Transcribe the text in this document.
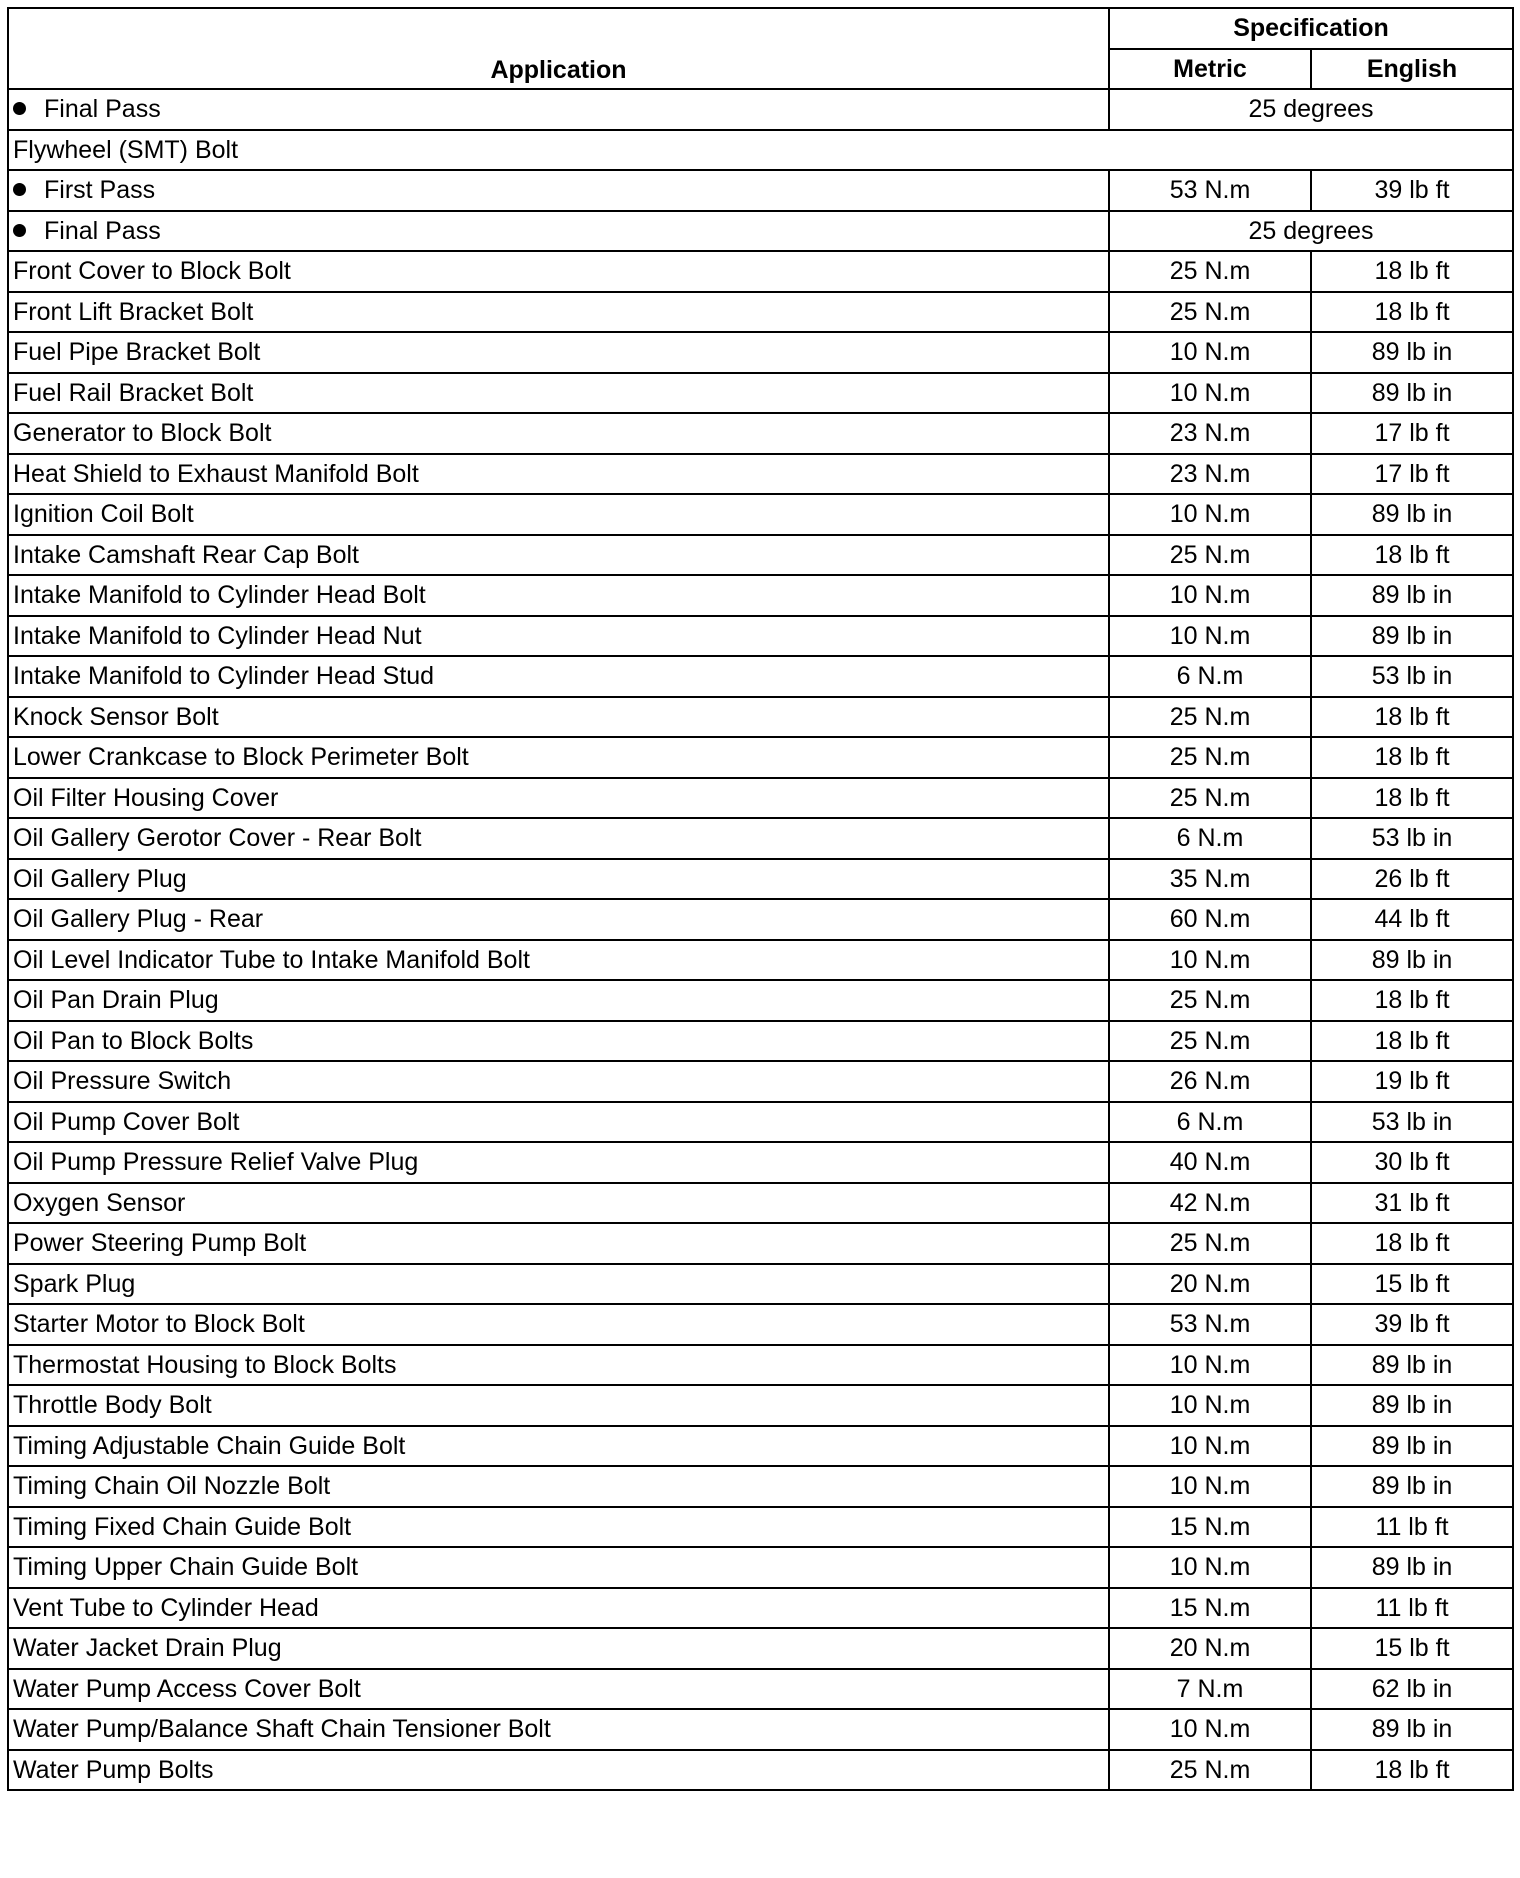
Application	Specification	
	Metric	English
Final Pass	25 degrees	
Flywheel (SMT) Bolt		
First Pass	53 N.m	39 lb ft
Final Pass	25 degrees	
Front Cover to Block Bolt	25 N.m	18 lb ft
Front Lift Bracket Bolt	25 N.m	18 lb ft
Fuel Pipe Bracket Bolt	10 N.m	89 lb in
Fuel Rail Bracket Bolt	10 N.m	89 lb in
Generator to Block Bolt	23 N.m	17 lb ft
Heat Shield to Exhaust Manifold Bolt	23 N.m	17 lb ft
Ignition Coil Bolt	10 N.m	89 lb in
Intake Camshaft Rear Cap Bolt	25 N.m	18 lb ft
Intake Manifold to Cylinder Head Bolt	10 N.m	89 lb in
Intake Manifold to Cylinder Head Nut	10 N.m	89 lb in
Intake Manifold to Cylinder Head Stud	6 N.m	53 lb in
Knock Sensor Bolt	25 N.m	18 lb ft
Lower Crankcase to Block Perimeter Bolt	25 N.m	18 lb ft
Oil Filter Housing Cover	25 N.m	18 lb ft
Oil Gallery Gerotor Cover - Rear Bolt	6 N.m	53 lb in
Oil Gallery Plug	35 N.m	26 lb ft
Oil Gallery Plug - Rear	60 N.m	44 lb ft
Oil Level Indicator Tube to Intake Manifold Bolt	10 N.m	89 lb in
Oil Pan Drain Plug	25 N.m	18 lb ft
Oil Pan to Block Bolts	25 N.m	18 lb ft
Oil Pressure Switch	26 N.m	19 lb ft
Oil Pump Cover Bolt	6 N.m	53 lb in
Oil Pump Pressure Relief Valve Plug	40 N.m	30 lb ft
Oxygen Sensor	42 N.m	31 lb ft
Power Steering Pump Bolt	25 N.m	18 lb ft
Spark Plug	20 N.m	15 lb ft
Starter Motor to Block Bolt	53 N.m	39 lb ft
Thermostat Housing to Block Bolts	10 N.m	89 lb in
Throttle Body Bolt	10 N.m	89 lb in
Timing Adjustable Chain Guide Bolt	10 N.m	89 lb in
Timing Chain Oil Nozzle Bolt	10 N.m	89 lb in
Timing Fixed Chain Guide Bolt	15 N.m	11 lb ft
Timing Upper Chain Guide Bolt	10 N.m	89 lb in
Vent Tube to Cylinder Head	15 N.m	11 lb ft
Water Jacket Drain Plug	20 N.m	15 lb ft
Water Pump Access Cover Bolt	7 N.m	62 lb in
Water Pump/Balance Shaft Chain Tensioner Bolt	10 N.m	89 lb in
Water Pump Bolts	25 N.m	18 lb ft
